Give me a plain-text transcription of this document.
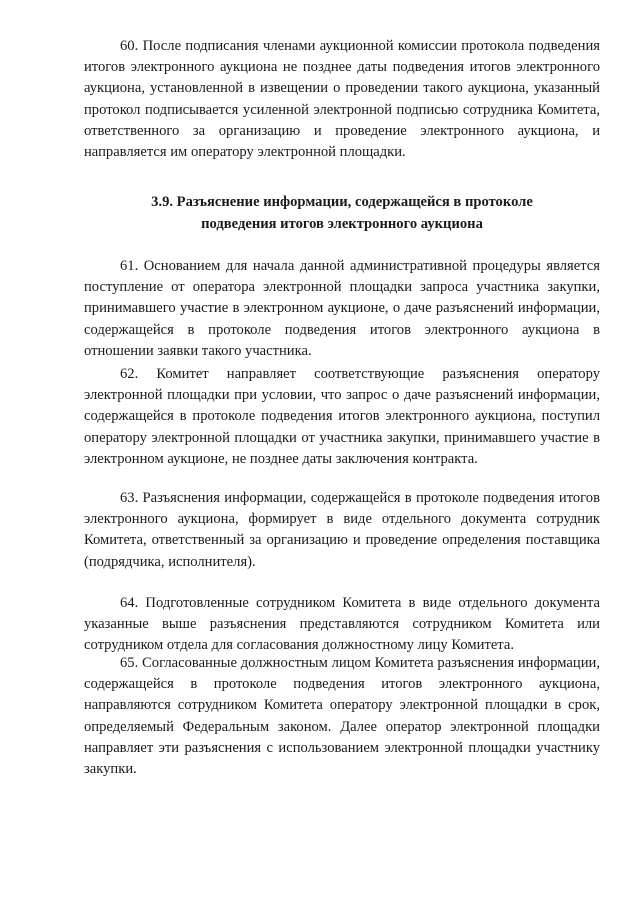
60. После подписания членами аукционной комиссии протокола подведения итогов электронного аукциона не позднее даты подведения итогов электронного аукциона, установленной в извещении о проведении такого аукциона, указанный протокол подписывается усиленной электронной подписью сотрудника Комитета, ответственного за организацию и проведение электронного аукциона, и направляется им оператору электронной площадки.
3.9. Разъяснение информации, содержащейся в протоколе
подведения итогов электронного аукциона
61. Основанием для начала данной административной процедуры является поступление от оператора электронной площадки запроса участника закупки, принимавшего участие в электронном аукционе, о даче разъяснений информации, содержащейся в протоколе подведения итогов электронного аукциона в отношении заявки такого участника.
62. Комитет направляет соответствующие разъяснения оператору электронной площадки при условии, что запрос о даче разъяснений информации, содержащейся в протоколе подведения итогов электронного аукциона, поступил оператору электронной площадки от участника закупки, принимавшего участие в электронном аукционе, не позднее даты заключения контракта.
63. Разъяснения информации, содержащейся в протоколе подведения итогов электронного аукциона, формирует в виде отдельного документа сотрудник Комитета, ответственный за организацию и проведение определения поставщика (подрядчика, исполнителя).
64. Подготовленные сотрудником Комитета в виде отдельного документа указанные выше разъяснения представляются сотрудником Комитета или сотрудником отдела для согласования должностному лицу Комитета.
65. Согласованные должностным лицом Комитета разъяснения информации, содержащейся в протоколе подведения итогов электронного аукциона, направляются сотрудником Комитета оператору электронной площадки в срок, определяемый Федеральным законом. Далее оператор электронной площадки направляет эти разъяснения с использованием электронной площадки участнику закупки.
